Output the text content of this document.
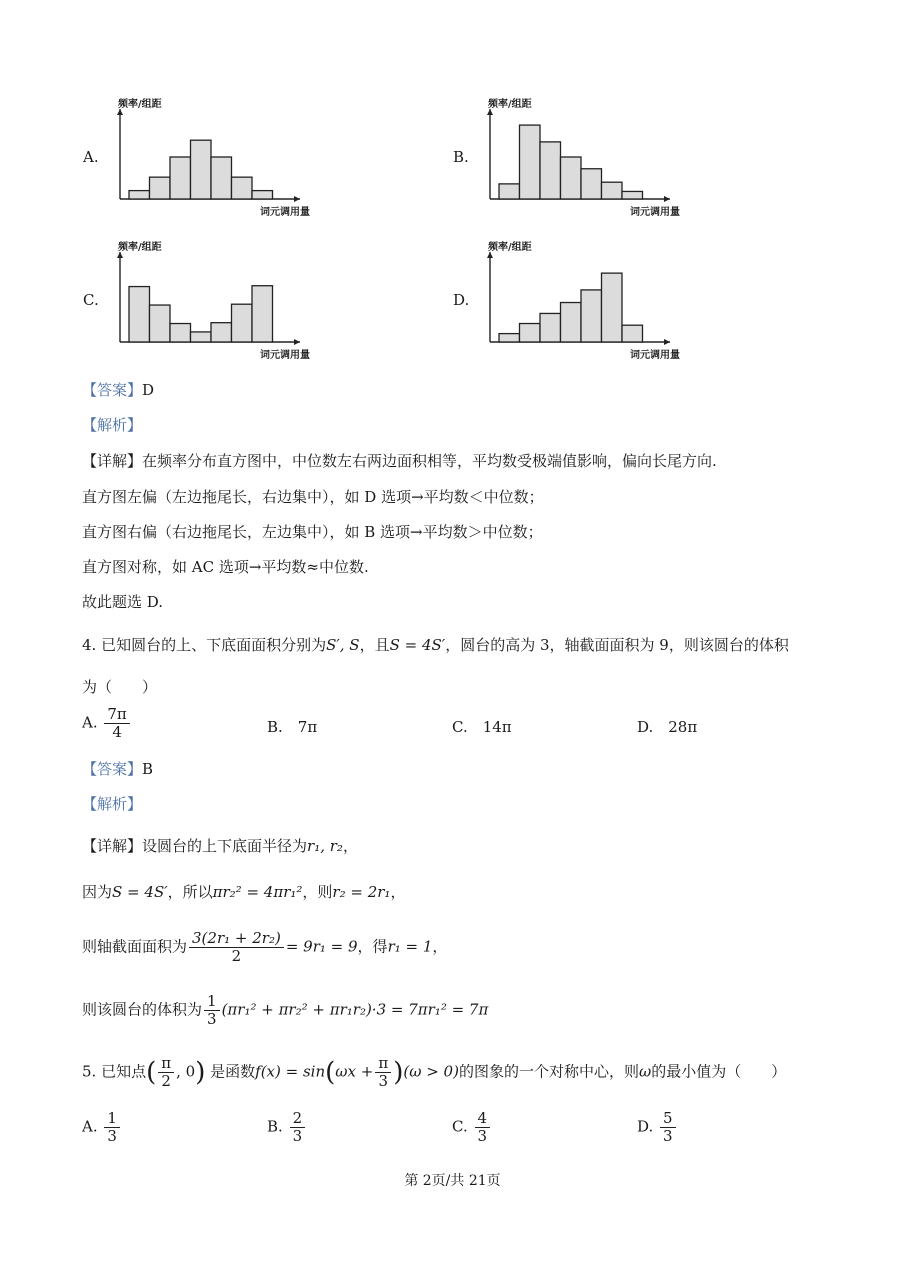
A.
频率/组距
词元调用量
B.
频率/组距
词元调用量
C.
频率/组距
词元调用量
D.
频率/组距
词元调用量
【答案】D
【解析】
【详解】在频率分布直方图中，中位数左右两边面积相等，平均数受极端值影响，偏向长尾方向.
直方图左偏（左边拖尾长，右边集中），如 D 选项→平均数＜中位数；
直方图右偏（右边拖尾长，左边集中），如 B 选项→平均数＞中位数；
直方图对称，如 AC 选项→平均数≈中位数.
故此题选 D.
4. 已知圆台的上、下底面面积分别为S′, S，且S = 4S′，圆台的高为 3，轴截面面积为 9，则该圆台的体积
为（　　）
A. $\frac{7\pi}{4}$	B.　7π	C.　14π	D.　28π
【答案】B
【解析】
【详解】设圆台的上下底面半径为r₁, r₂，
因为S = 4S′，所以πr₂² = 4πr₁²，则r₂ = 2r₁，
则轴截面面积为 $\frac{\text{3(2r₁ + 2r₂)}}{2} = 9r_1 = 9$，得r₁ = 1，
则该圆台的体积为 $\frac{1}{3} (\pi r_1^2 + \pi r_2^2 + \pi r_1r_2)\cdot 3 = 7\pi r_1^2 = 7\pi$
5. 已知点( $\frac{\pi}{2}$ , 0) 是函数$f(x) = \sin(\omega x + \frac{\pi}{3} )(\omega > 0)$的图象的一个对称中心，则ω的最小值为（　　）
A. $\frac{1}{3}$	B. $\frac{2}{3}$	C. $\frac{4}{3}$	D. $\frac{5}{3}$
第 2页/共 21页
